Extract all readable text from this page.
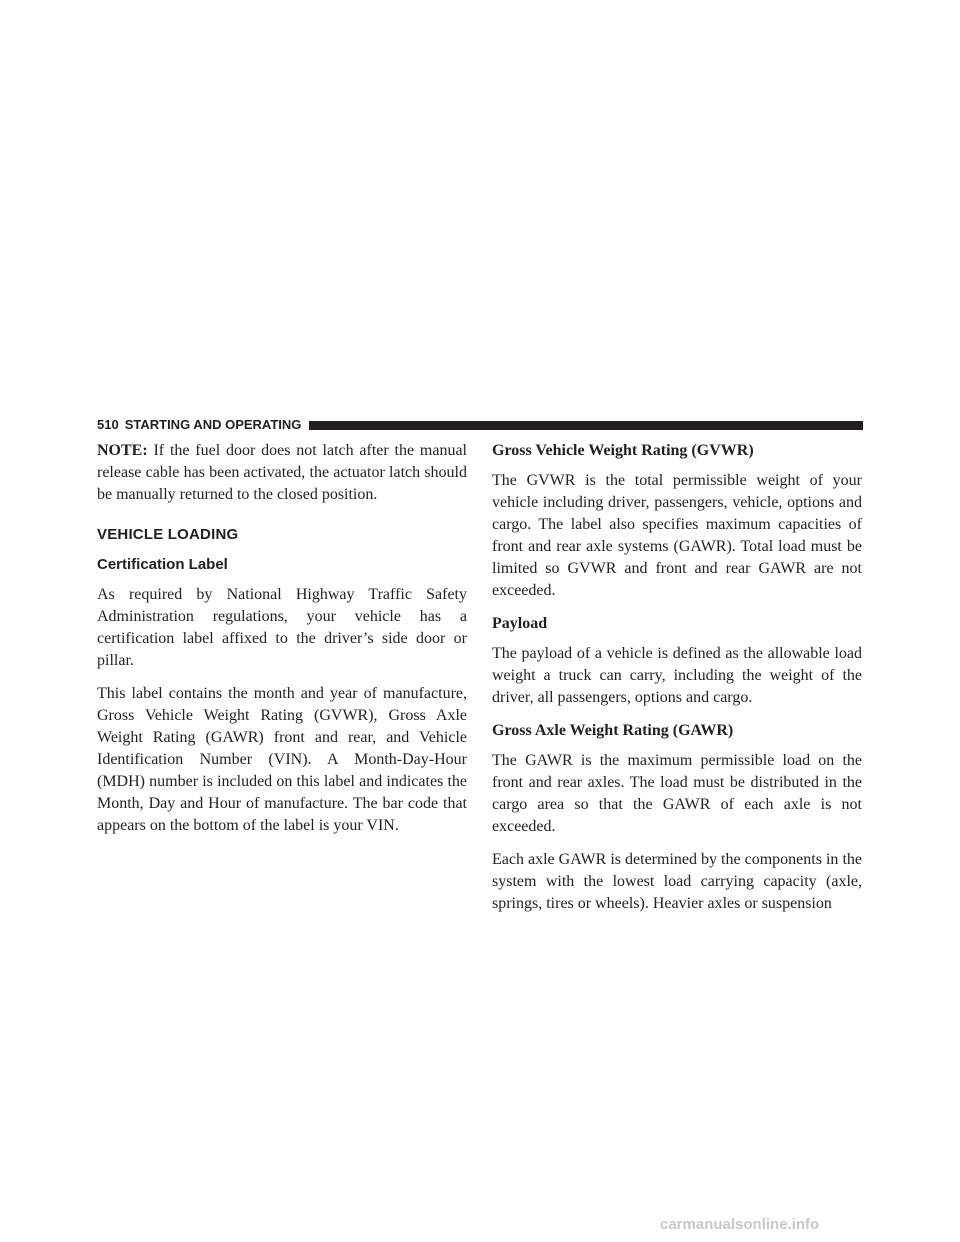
510 STARTING AND OPERATING

NOTE: If the fuel door does not latch after the manual release cable has been activated, the actuator latch should be manually returned to the closed position.

VEHICLE LOADING
Certification Label

As required by National Highway Traffic Safety Administration regulations, your vehicle has a certification label affixed to the driver’s side door or pillar.

This label contains the month and year of manufacture, Gross Vehicle Weight Rating (GVWR), Gross Axle Weight Rating (GAWR) front and rear, and Vehicle Identification Number (VIN). A Month-Day-Hour (MDH) number is included on this label and indicates the Month, Day and Hour of manufacture. The bar code that appears on the bottom of the label is your VIN.

Gross Vehicle Weight Rating (GVWR)

The GVWR is the total permissible weight of your vehicle including driver, passengers, vehicle, options and cargo. The label also specifies maximum capacities of front and rear axle systems (GAWR). Total load must be limited so GVWR and front and rear GAWR are not exceeded.

Payload

The payload of a vehicle is defined as the allowable load weight a truck can carry, including the weight of the driver, all passengers, options and cargo.

Gross Axle Weight Rating (GAWR)

The GAWR is the maximum permissible load on the front and rear axles. The load must be distributed in the cargo area so that the GAWR of each axle is not exceeded.

Each axle GAWR is determined by the components in the system with the lowest load carrying capacity (axle, springs, tires or wheels). Heavier axles or suspension

carmanualsonline.info
